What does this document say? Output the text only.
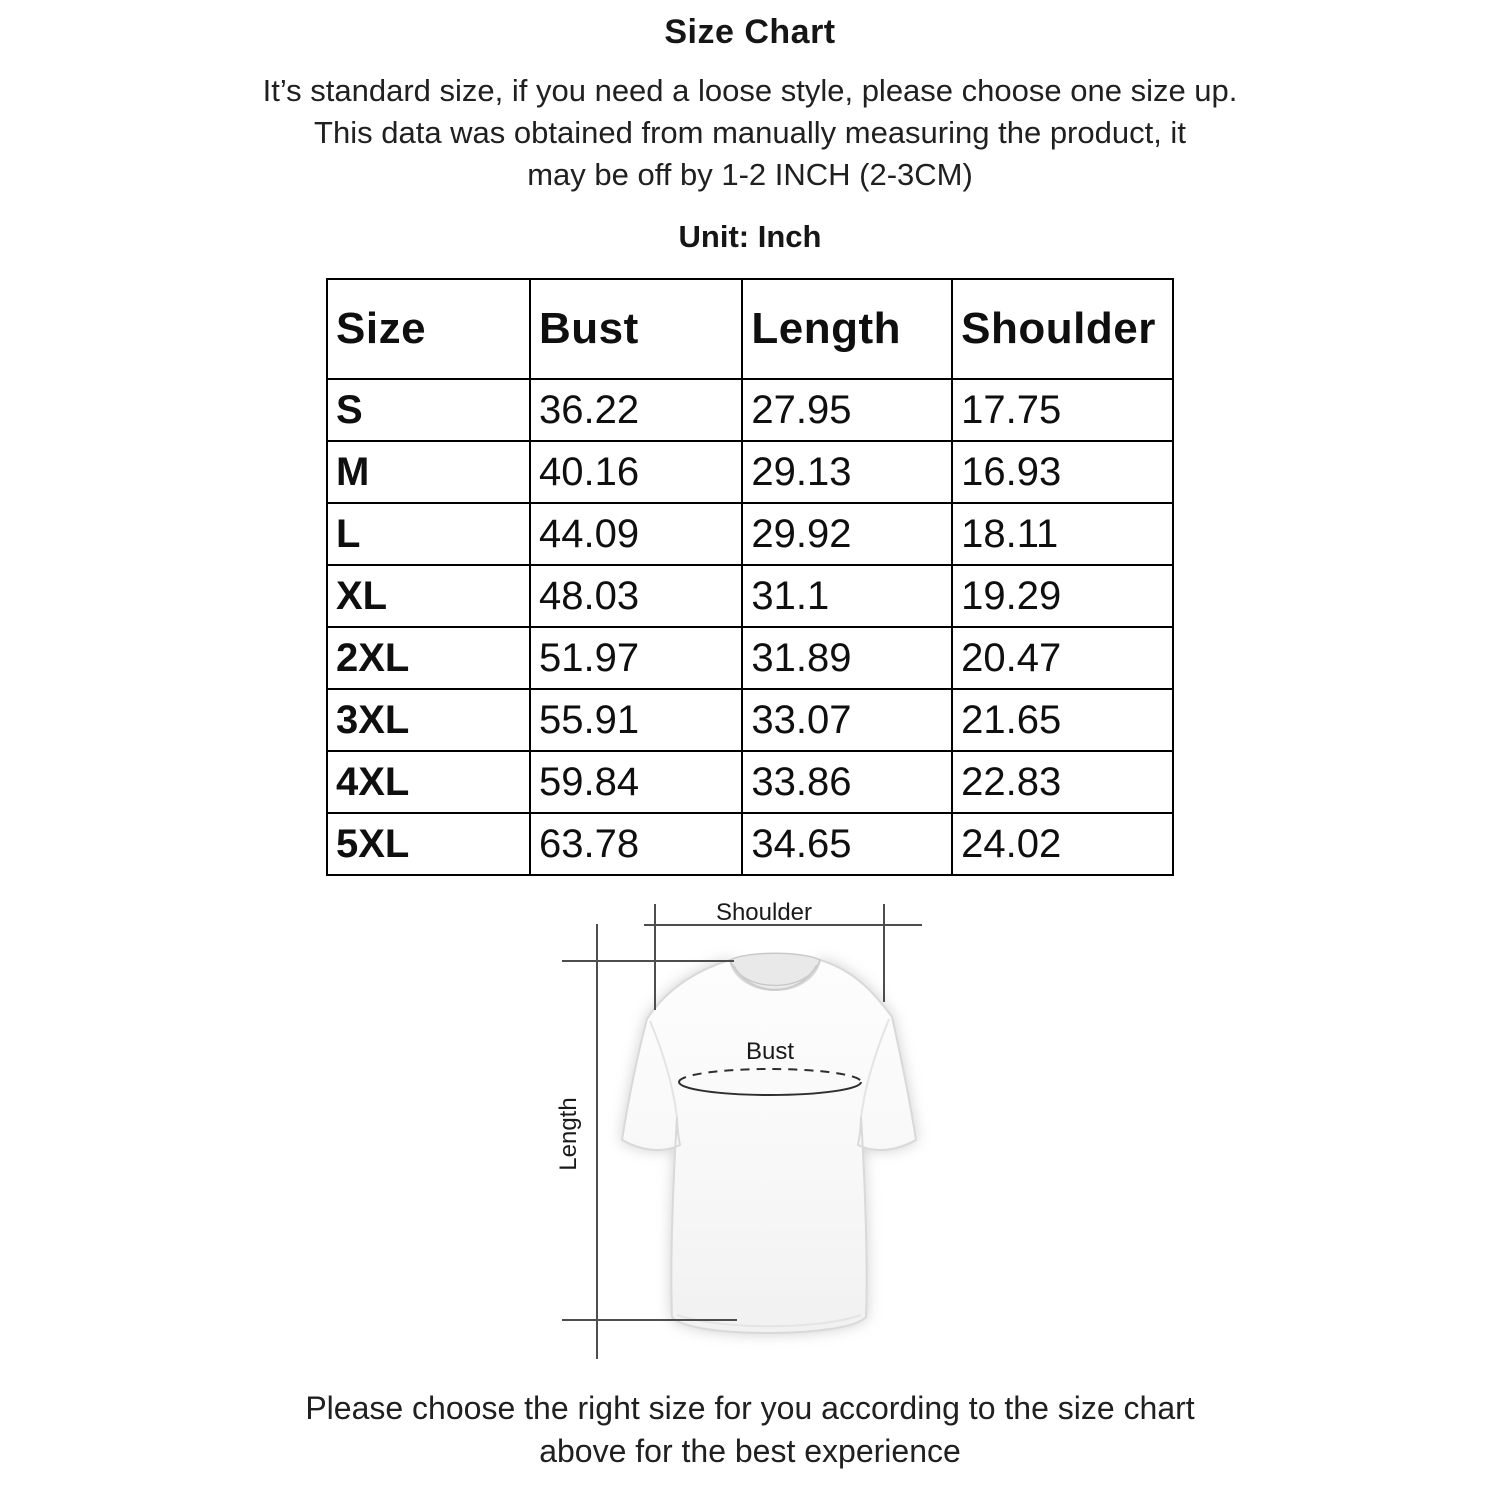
Size Chart
It’s standard size, if you need a loose style, please choose one size up.
This data was obtained from manually measuring the product, it
may be off by 1-2 INCH (2-3CM)
Unit: Inch
Size	Bust	Length	Shoulder
S	36.22	27.95	17.75
M	40.16	29.13	16.93
L	44.09	29.92	18.11
XL	48.03	31.1	19.29
2XL	51.97	31.89	20.47
3XL	55.91	33.07	21.65
4XL	59.84	33.86	22.83
5XL	63.78	34.65	24.02
Shoulder
Length
Bust
Please choose the right size for you according to the size chart
above for the best experience
